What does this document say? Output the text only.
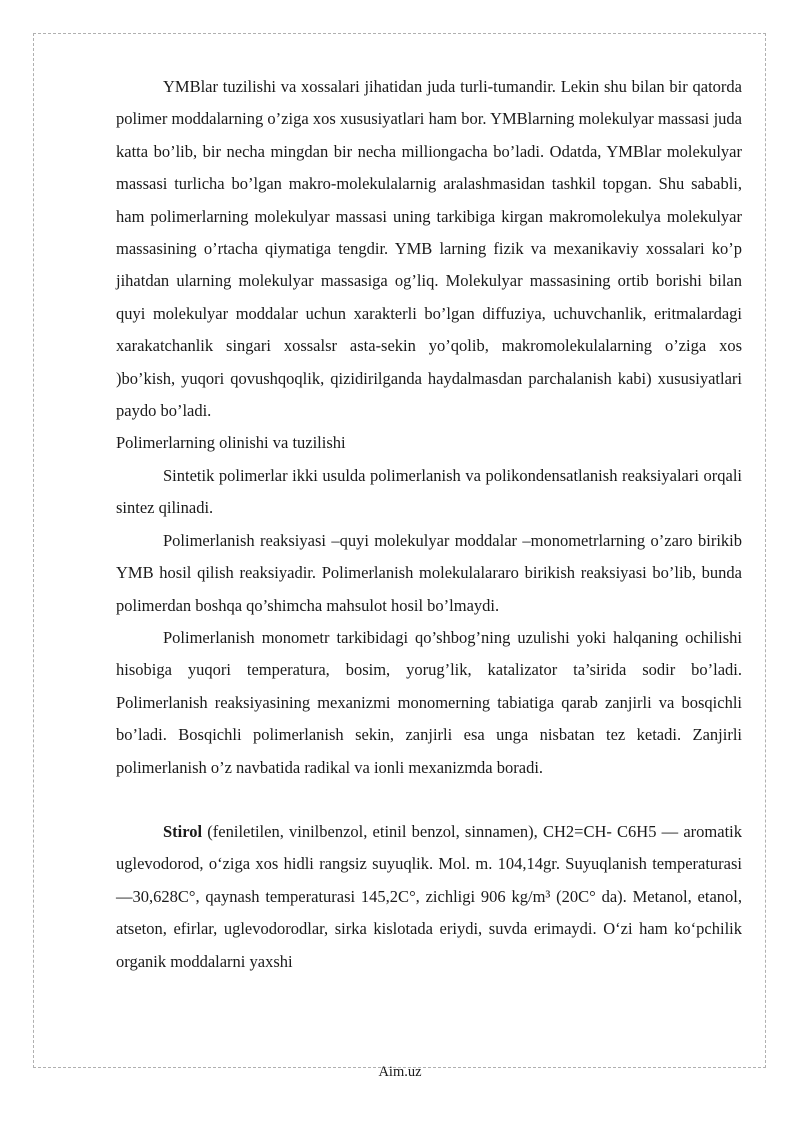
YMBlar tuzilishi va xossalari jihatidan juda turli-tumandir. Lekin shu bilan bir qatorda polimer moddalarning o’ziga xos xususiyatlari ham bor. YMBlarning molekulyar massasi juda katta bo’lib, bir necha mingdan bir necha milliongacha bo’ladi. Odatda, YMBlar molekulyar massasi turlicha bo’lgan makro-molekulalarnig aralashmasidan tashkil topgan. Shu sababli, ham polimerlarning molekulyar massasi uning tarkibiga kirgan makromolekulya molekulyar massasining o’rtacha qiymatiga tengdir. YMB larning fizik va mexanikaviy xossalari ko’p jihatdan ularning molekulyar massasiga og’liq. Molekulyar massasining ortib borishi bilan quyi molekulyar moddalar uchun xarakterli bo’lgan diffuziya, uchuvchanlik, eritmalardagi xarakatchanlik singari xossalsr asta-sekin yo’qolib, makromolekulalarning o’ziga xos )bo’kish, yuqori qovushqoqlik, qizidirilganda haydalmasdan parchalanish kabi) xususiyatlari paydo bo’ladi.

Polimerlarning olinishi va tuzilishi

Sintetik polimerlar ikki usulda polimerlanish va polikondensatlanish reaksiyalari orqali sintez qilinadi.

Polimerlanish reaksiyasi –quyi molekulyar moddalar –monometrlarning o’zaro birikib YMB hosil qilish reaksiyadir. Polimerlanish molekulalararo birikish reaksiyasi bo’lib, bunda polimerdan boshqa qo’shimcha mahsulot hosil bo’lmaydi.

Polimerlanish monometr tarkibidagi qo’shbog’ning uzulishi yoki halqaning ochilishi hisobiga yuqori temperatura, bosim, yorug’lik, katalizator ta’sirida sodir bo’ladi. Polimerlanish reaksiyasining mexanizmi monomerning tabiatiga qarab zanjirli va bosqichli bo’ladi. Bosqichli polimerlanish sekin, zanjirli esa unga nisbatan tez ketadi. Zanjirli polimerlanish o’z navbatida radikal va ionli mexanizmda boradi.

Stirol (feniletilen, vinilbenzol, etinil benzol, sinnamen), CH2=CH- C6H5 — aromatik uglevodorod, oʻziga xos hidli rangsiz suyuqlik. Mol. m. 104,14gr. Suyuqlanish temperaturasi —30,628C°, qaynash temperaturasi 145,2C°, zichligi 906 kg/m³ (20C° da). Metanol, etanol, atseton, efirlar, uglevodorodlar, sirka kislotada eriydi, suvda erimaydi. Oʻzi ham koʻpchilik organik moddalarni yaxshi

Aim.uz
